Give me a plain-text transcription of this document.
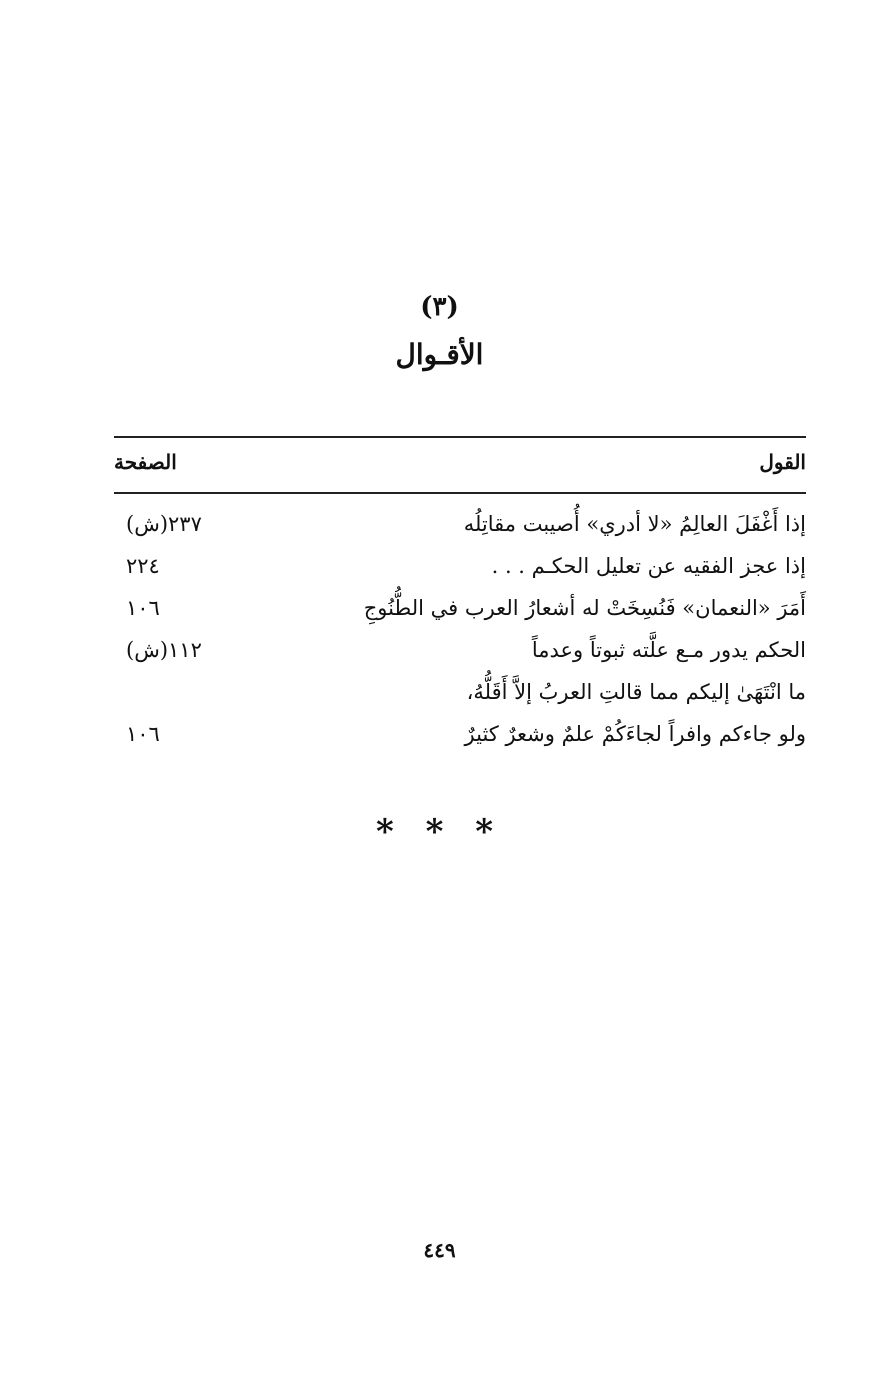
(٣)
الأقـوال
القول
الصفحة
إذا أَغْفَلَ العالِمُ «لا أدري» أُصيبت مقاتِلُه
٢٣٧(ش)
إذا عجز الفقيه عن تعليل الحكـم . . .
٢٢٤
أَمَرَ «النعمان» فَنُسِخَتْ له أشعارُ العرب في الطُّنُوجِ
١٠٦
الحكم يدور مـع علَّته ثبوتاً وعدماً
١١٢(ش)
ما انْتَهَىٰ إليكم مما قالتِ العربُ إلاَّ أَقَلُّهُ،
ولو جاءكم وافراً لجاءَكُمْ علمٌ وشعرٌ كثيرٌ
١٠٦
* * *
٤٤٩
